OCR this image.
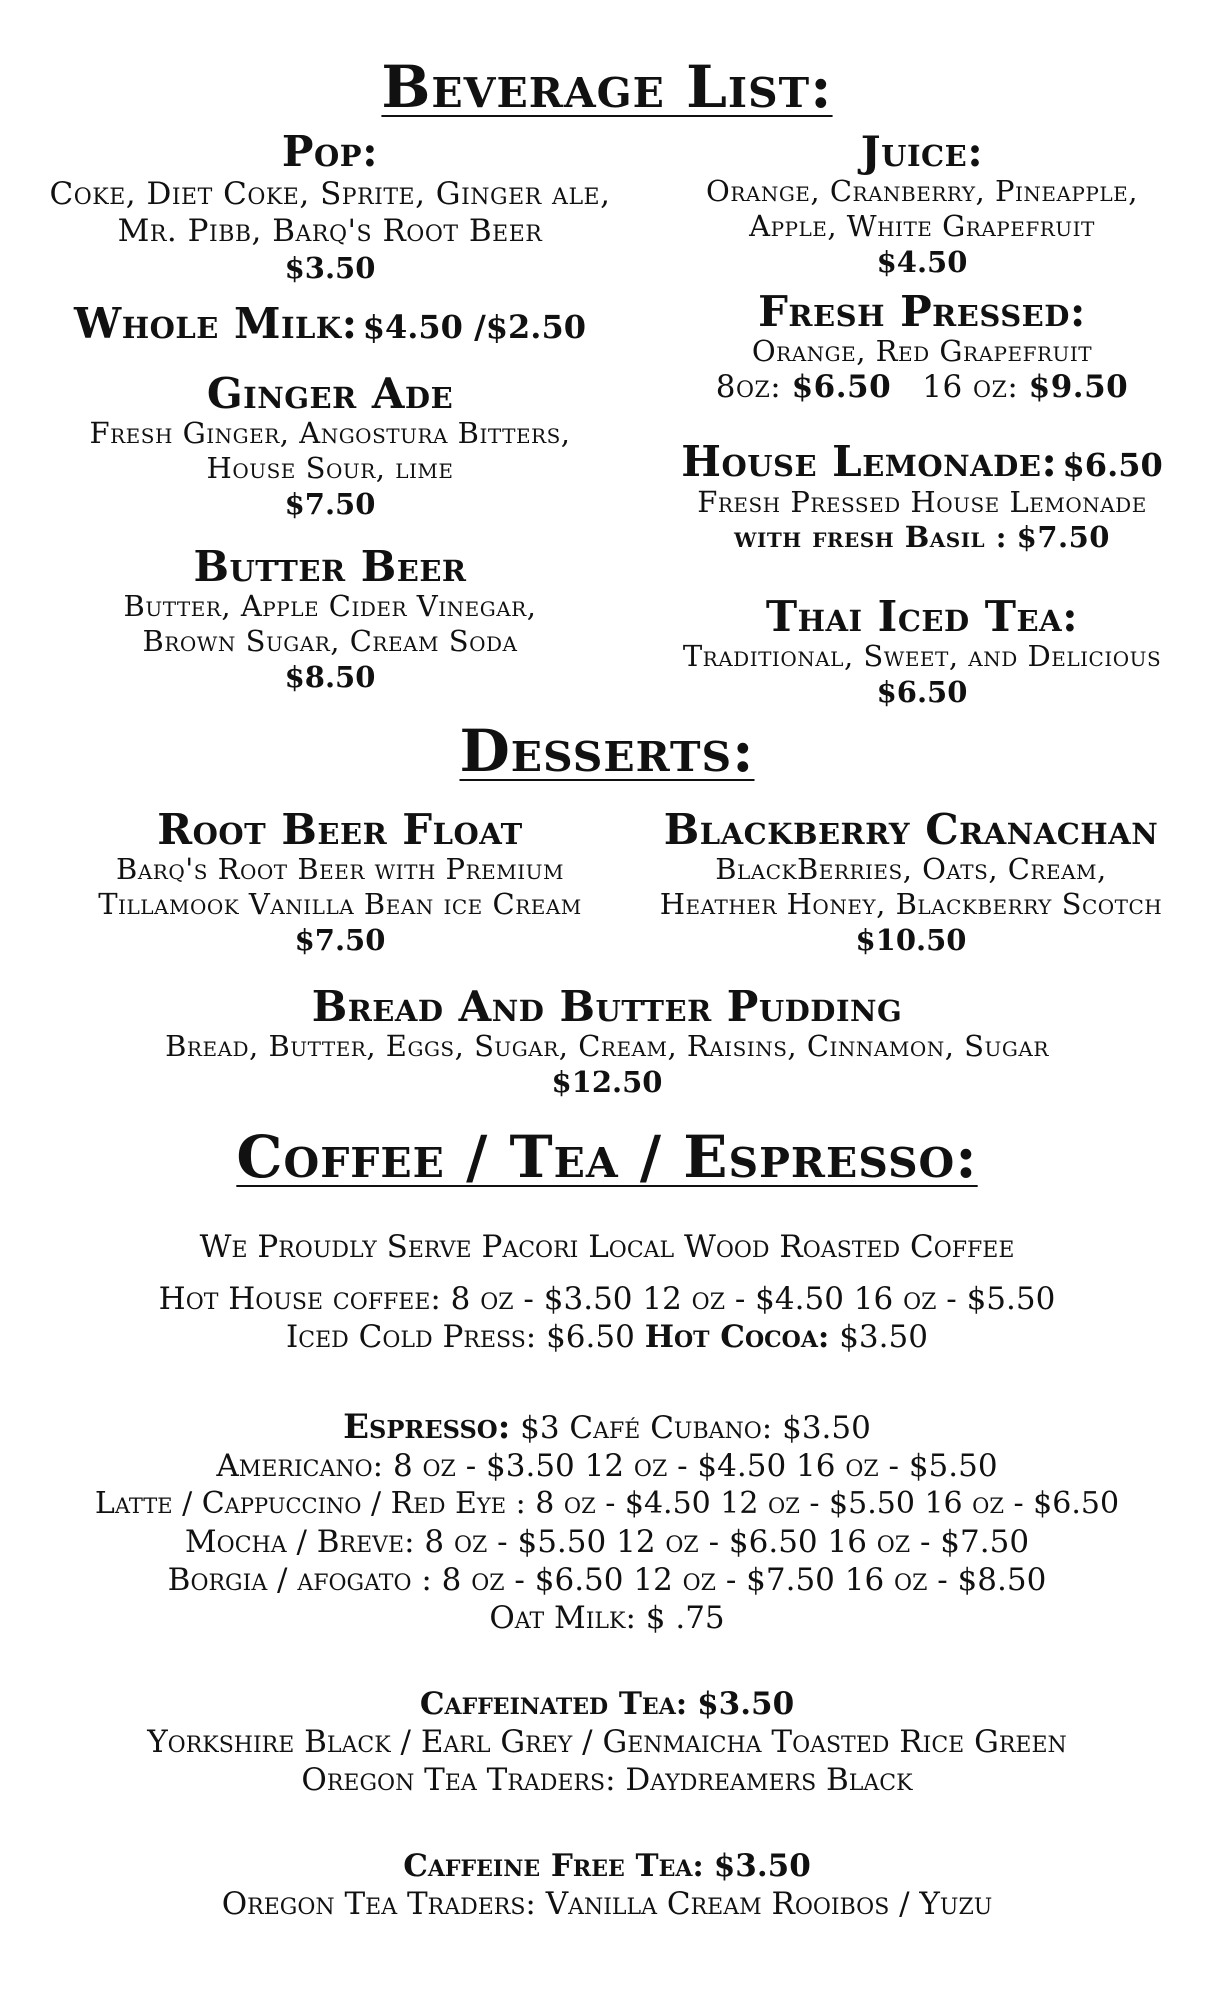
Beverage List:
Pop:
Coke, Diet Coke, Sprite, Ginger ale,
Mr. Pibb, Barq's Root Beer
$3.50
Whole Milk: $4.50 /$2.50
Ginger Ade
Fresh Ginger, Angostura Bitters,
House Sour, lime
$7.50
Butter Beer
Butter, Apple Cider Vinegar,
Brown Sugar, Cream Soda
$8.50
Juice:
Orange, Cranberry, Pineapple,
Apple, White Grapefruit
$4.50
Fresh Pressed:
Orange, Red Grapefruit
8oz: $6.50 16 oz: $9.50
House Lemonade: $6.50
Fresh Pressed House Lemonade
with fresh Basil : $7.50
Thai Iced Tea:
Traditional, Sweet, and Delicious
$6.50
Desserts:
Root Beer Float
Barq's Root Beer with Premium
Tillamook Vanilla Bean ice Cream
$7.50
Blackberry Cranachan
BlackBerries, Oats, Cream,
Heather Honey, Blackberry Scotch
$10.50
Bread And Butter Pudding
Bread, Butter, Eggs, Sugar, Cream, Raisins, Cinnamon, Sugar
$12.50
Coffee / Tea / Espresso:
We Proudly Serve Pacori Local Wood Roasted Coffee
Hot House coffee: 8 oz - $3.50 12 oz - $4.50 16 oz - $5.50
Iced Cold Press: $6.50 Hot Cocoa: $3.50
Espresso: $3 Café Cubano: $3.50
Americano: 8 oz - $3.50 12 oz - $4.50 16 oz - $5.50
Latte / Cappuccino / Red Eye : 8 oz - $4.50 12 oz - $5.50 16 oz - $6.50
Mocha / Breve: 8 oz - $5.50 12 oz - $6.50 16 oz - $7.50
Borgia / afogato : 8 oz - $6.50 12 oz - $7.50 16 oz - $8.50
Oat Milk: $ .75
Caffeinated Tea: $3.50
Yorkshire Black / Earl Grey / Genmaicha Toasted Rice Green
Oregon Tea Traders: Daydreamers Black
Caffeine Free Tea: $3.50
Oregon Tea Traders: Vanilla Cream Rooibos / Yuzu
